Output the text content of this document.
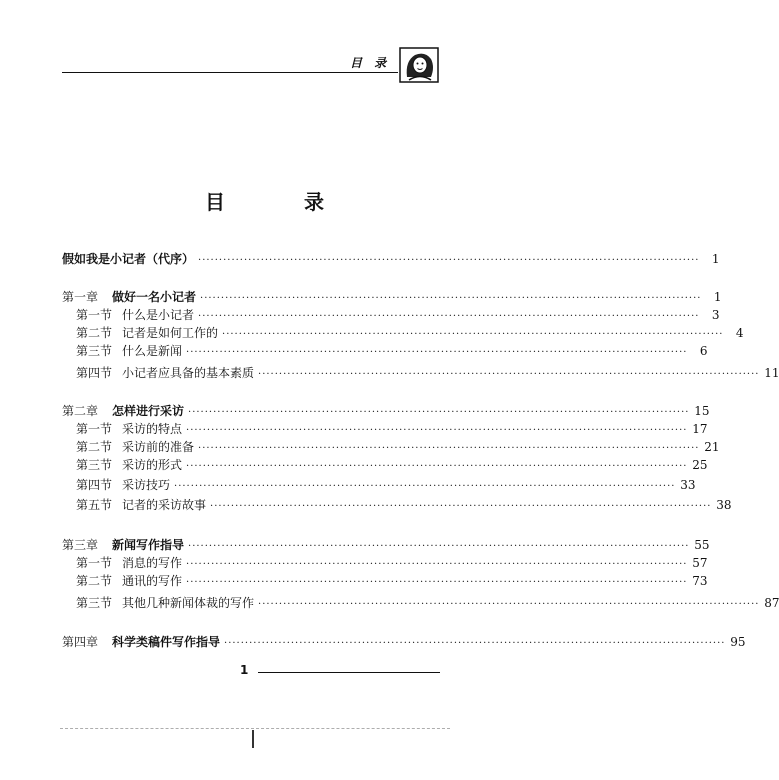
目 录
目 录
假如我是小记者（代序） ························································································································	1
第一章	做好一名小记者 ························································································································	1
第一节 什么是小记者 ························································································································	3
第二节 记者是如何工作的 ························································································································	4
第三节 什么是新闻 ························································································································	6
第四节 小记者应具备的基本素质 ························································································································ 11
第二章	怎样进行采访 ························································································································ 15
第一节 采访的特点 ························································································································ 17
第二节 采访前的准备 ························································································································ 21
第三节 采访的形式 ························································································································ 25
第四节 采访技巧 ························································································································ 33
第五节 记者的采访故事 ························································································································ 38
第三章	新闻写作指导 ························································································································ 55
第一节 消息的写作 ························································································································ 57
第二节 通讯的写作 ························································································································ 73
第三节 其他几种新闻体裁的写作 ························································································································ 87
第四章	科学类稿件写作指导 ························································································································ 95
1
